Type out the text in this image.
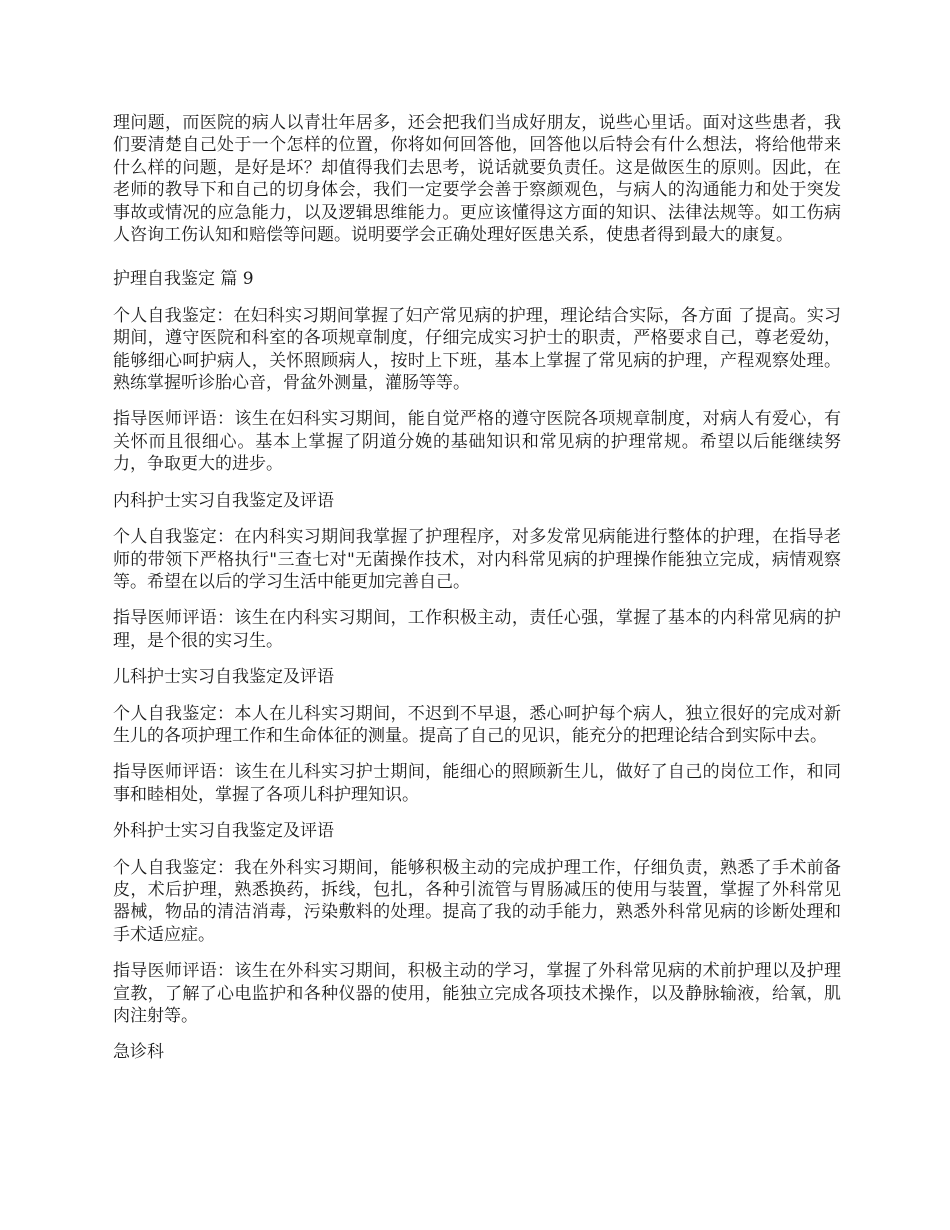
理问题，而医院的病人以青壮年居多，还会把我们当成好朋友，说些心里话。面对这些患者，我们要清楚自己处于一个怎样的位置，你将如何回答他，回答他以后特会有什么想法，将给他带来什么样的问题，是好是坏？却值得我们去思考，说话就要负责任。这是做医生的原则。因此，在老师的教导下和自己的切身体会，我们一定要学会善于察颜观色，与病人的沟通能力和处于突发事故或情况的应急能力，以及逻辑思维能力。更应该懂得这方面的知识、法律法规等。如工伤病人咨询工伤认知和赔偿等问题。说明要学会正确处理好医患关系，使患者得到最大的康复。

护理自我鉴定 篇 9

个人自我鉴定：在妇科实习期间掌握了妇产常见病的护理，理论结合实际，各方面 了提高。实习期间，遵守医院和科室的各项规章制度，仔细完成实习护士的职责，严格要求自己，尊老爱幼，能够细心呵护病人，关怀照顾病人，按时上下班，基本上掌握了常见病的护理，产程观察处理。熟练掌握听诊胎心音，骨盆外测量，灌肠等等。

指导医师评语：该生在妇科实习期间，能自觉严格的遵守医院各项规章制度，对病人有爱心，有关怀而且很细心。基本上掌握了阴道分娩的基础知识和常见病的护理常规。希望以后能继续努力，争取更大的进步。

内科护士实习自我鉴定及评语

个人自我鉴定：在内科实习期间我掌握了护理程序，对多发常见病能进行整体的护理，在指导老师的带领下严格执行"三查七对"无菌操作技术，对内科常见病的护理操作能独立完成，病情观察等。希望在以后的学习生活中能更加完善自己。

指导医师评语：该生在内科实习期间，工作积极主动，责任心强，掌握了基本的内科常见病的护理，是个很的实习生。

儿科护士实习自我鉴定及评语

个人自我鉴定：本人在儿科实习期间，不迟到不早退，悉心呵护每个病人，独立很好的完成对新生儿的各项护理工作和生命体征的测量。提高了自己的见识，能充分的把理论结合到实际中去。

指导医师评语：该生在儿科实习护士期间，能细心的照顾新生儿，做好了自己的岗位工作，和同事和睦相处，掌握了各项儿科护理知识。

外科护士实习自我鉴定及评语

个人自我鉴定：我在外科实习期间，能够积极主动的完成护理工作，仔细负责，熟悉了手术前备皮，术后护理，熟悉换药，拆线，包扎，各种引流管与胃肠减压的使用与装置，掌握了外科常见器械，物品的清洁消毒，污染敷料的处理。提高了我的动手能力，熟悉外科常见病的诊断处理和手术适应症。

指导医师评语：该生在外科实习期间，积极主动的学习，掌握了外科常见病的术前护理以及护理宣教，了解了心电监护和各种仪器的使用，能独立完成各项技术操作，以及静脉输液，给氧，肌肉注射等。

急诊科
